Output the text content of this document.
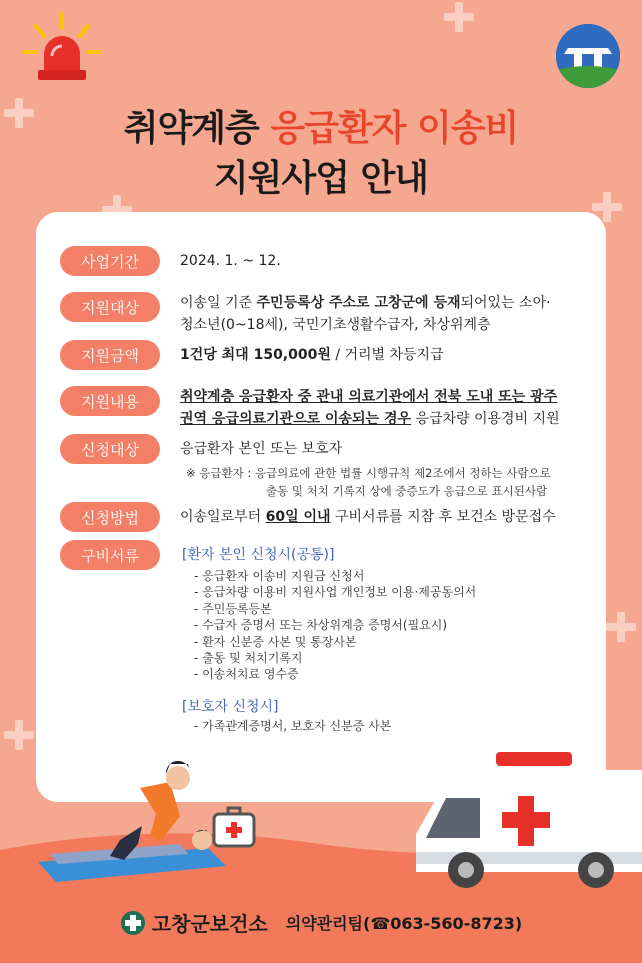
취약계층 응급환자 이송비
지원사업 안내
사업기간	2024. 1. ~ 12.
지원대상	이송일 기준 주민등록상 주소로 고창군에 등재되어있는 소아·
청소년(0~18세), 국민기초생활수급자, 차상위계층
지원금액	1건당 최대 150,000원 / 거리별 차등지급
지원내용	취약계층 응급환자 중 관내 의료기관에서 전북 도내 또는 광주
권역 응급의료기관으로 이송되는 경우 응급차량 이용경비 지원
신청대상	응급환자 본인 또는 보호자
※ 응급환자 : 응급의료에 관한 법률 시행규칙 제2조에서 정하는 사람으로
출동 및 처치 기록지 상에 중증도가 응급으로 표시된사람
신청방법	이송일로부터 60일 이내 구비서류를 지참 후 보건소 방문접수
구비서류	[환자 본인 신청시(공통)]
- 응급환자 이송비 지원금 신청서
- 응급차량 이용비 지원사업 개인정보 이용·제공동의서
- 주민등록등본
- 수급자 증명서 또는 차상위계층 증명서(필요시)
- 환자 신분증 사본 및 통장사본
- 출동 및 처치기록지
- 이송처치료 영수증
[보호자 신청시]
- 가족관계증명서, 보호자 신분증 사본
고창군보건소 의약관리팀(☎063-560-8723)
